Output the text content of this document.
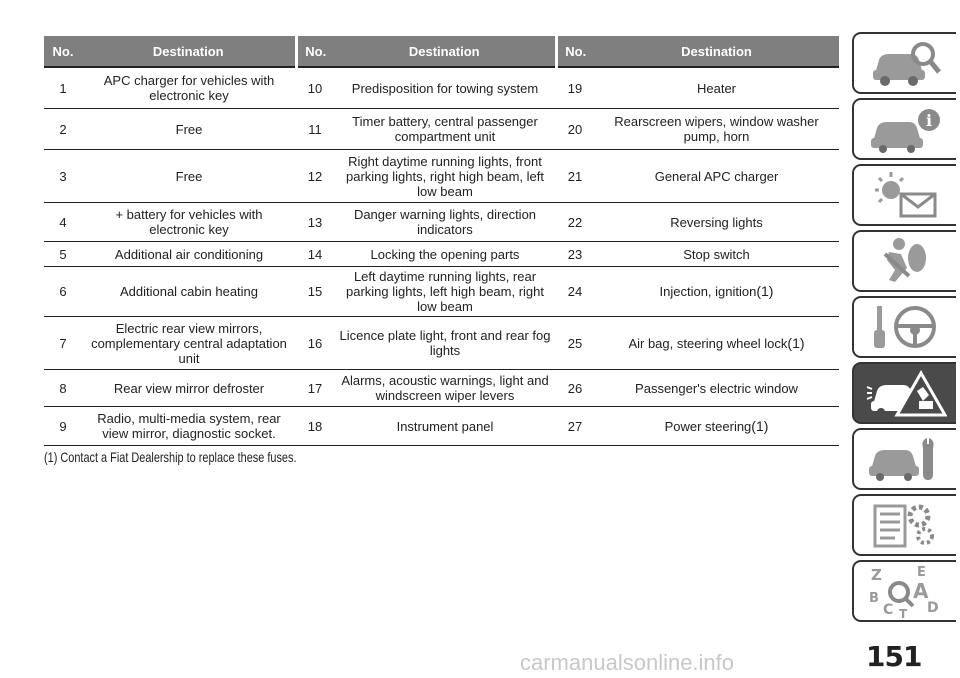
No.	Destination	No.	Destination	No.	Destination
1	APC charger for vehicles with electronic key	10	Predisposition for towing system	19	Heater
2	Free	11	Timer battery, central passenger compartment unit	20	Rearscreen wipers, window washer pump, horn
3	Free	12	Right daytime running lights, front parking lights, right high beam, left low beam	21	General APC charger
4	+ battery for vehicles with electronic key	13	Danger warning lights, direction indicators	22	Reversing lights
5	Additional air conditioning	14	Locking the opening parts	23	Stop switch
6	Additional cabin heating	15	Left daytime running lights, rear parking lights, left high beam, right low beam	24	Injection, ignition(1)
7	Electric rear view mirrors, complementary central adaptation unit	16	Licence plate light, front and rear fog lights	25	Air bag, steering wheel lock(1)
8	Rear view mirror defroster	17	Alarms, acoustic warnings, light and windscreen wiper levers	26	Passenger's electric window
9	Radio, multi-media system, rear view mirror, diagnostic socket.	18	Instrument panel	27	Power steering(1)
(1) Contact a Fiat Dealership to replace these fuses.
i
Z	E
B A
C D
T
151
carmanualsonline.info
